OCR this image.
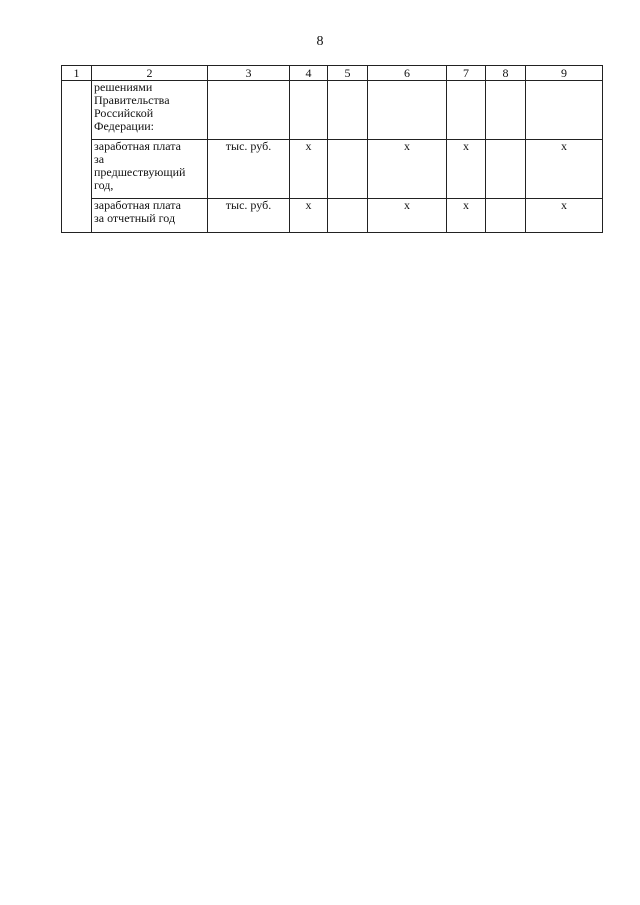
8
1	2	3	4	5	6	7	8	9
	решениями
Правительства
Российской
Федерации:							
	заработная плата
за
предшествующий
год,	тыс. руб.	х		х	х		х
	заработная плата
за отчетный год	тыс. руб.	х		х	х		х
